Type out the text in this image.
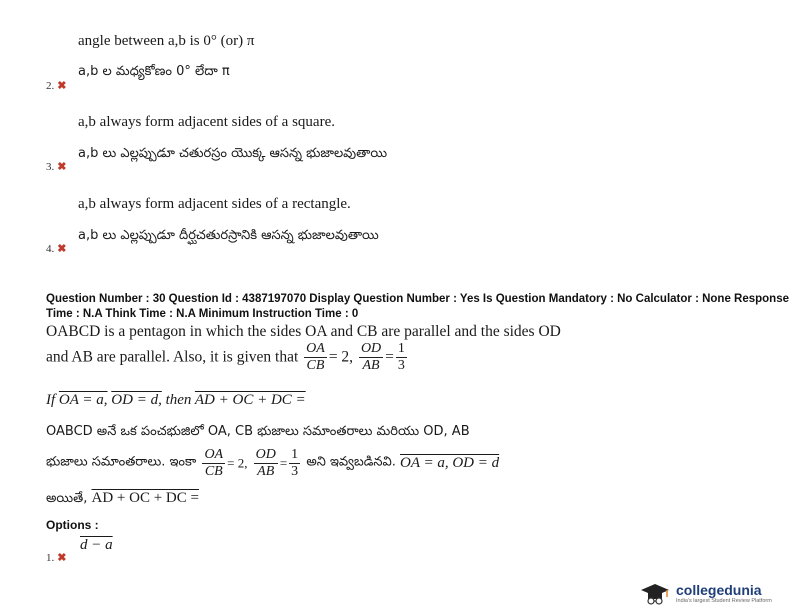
angle between a,b is 0° (or) π
a,b ల మధ్యకోణం 0° లేదా π
2. ✖
a,b always form adjacent sides of a square.
a,b లు ఎల్లప్పుడూ చతురస్రం యొక్క ఆసన్న భుజాలవుతాయి
3. ✖
a,b always form adjacent sides of a rectangle.
a,b లు ఎల్లప్పుడూ దీర్ఘచతురస్రానికి ఆసన్న భుజాలవుతాయి
4. ✖
Question Number : 30 Question Id : 4387197070 Display Question Number : Yes Is Question Mandatory : No Calculator : None Response
Time : N.A Think Time : N.A Minimum Instruction Time : 0
OABCD is a pentagon in which the sides OA and CB are parallel and the sides OD
and AB are parallel. Also, it is given that $\frac{OA}{CB} = 2$, $\frac{OD}{AB} = \frac{1}{3}$
If OA = a, OD = d, then AD + OC + DC =
OABCD అనే ఒక పంచభుజిలో OA, CB భుజాలు సమాంతరాలు మరియు OD, AB
భుజాలు సమాంతరాలు. ఇంకా $\frac{OA}{CB} = 2$, $\frac{OD}{AB} = \frac{1}{3}$ అని ఇవ్వబడినవి. OA = a, OD = d
అయితే, AD + OC + DC =
Options :
1. ✖
d − a
collegedunia
India's largest Student Review Platform
